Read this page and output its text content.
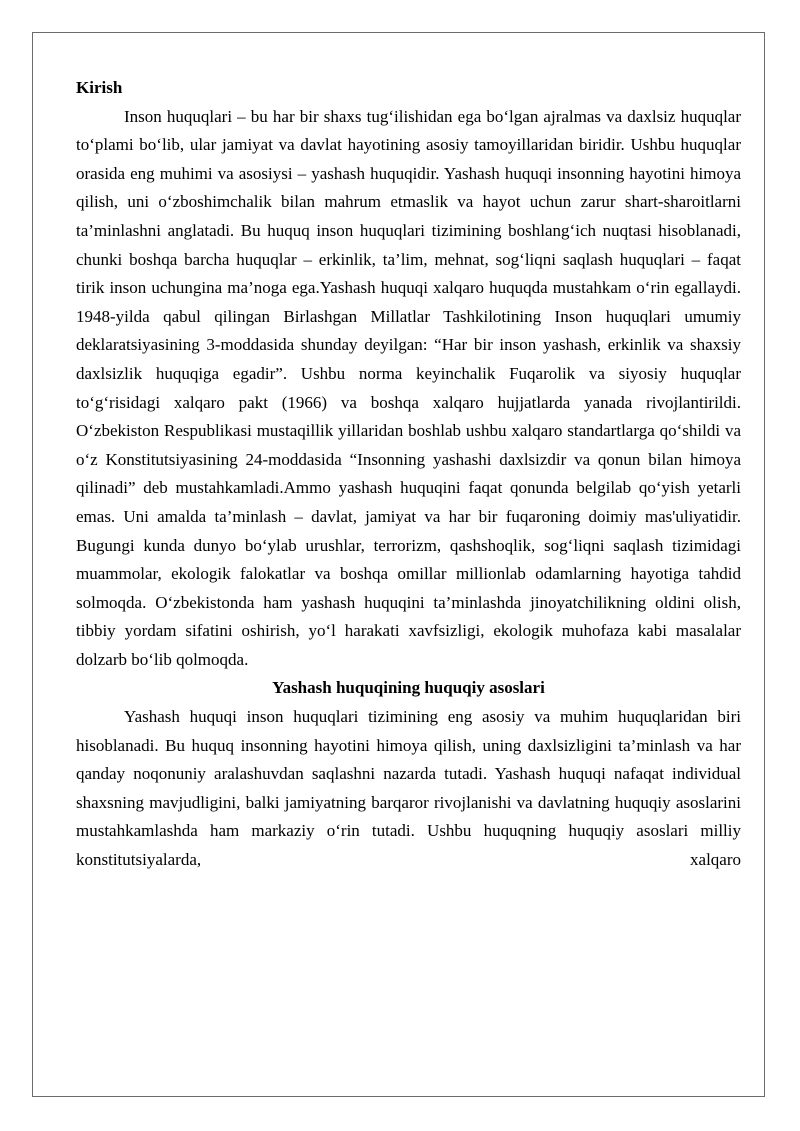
Kirish

Inson huquqlari – bu har bir shaxs tug‘ilishidan ega bo‘lgan ajralmas va daxlsiz huquqlar to‘plami bo‘lib, ular jamiyat va davlat hayotining asosiy tamoyillaridan biridir. Ushbu huquqlar orasida eng muhimi va asosiysi – yashash huquqidir. Yashash huquqi insonning hayotini himoya qilish, uni o‘zboshimchalik bilan mahrum etmaslik va hayot uchun zarur shart-sharoitlarni ta’minlashni anglatadi. Bu huquq inson huquqlari tizimining boshlang‘ich nuqtasi hisoblanadi, chunki boshqa barcha huquqlar – erkinlik, ta’lim, mehnat, sog‘liqni saqlash huquqlari – faqat tirik inson uchungina ma’noga ega.Yashash huquqi xalqaro huquqda mustahkam o‘rin egallaydi. 1948-yilda qabul qilingan Birlashgan Millatlar Tashkilotining Inson huquqlari umumiy deklaratsiyasining 3-moddasida shunday deyilgan: “Har bir inson yashash, erkinlik va shaxsiy daxlsizlik huquqiga egadir”. Ushbu norma keyinchalik Fuqarolik va siyosiy huquqlar to‘g‘risidagi xalqaro pakt (1966) va boshqa xalqaro hujjatlarda yanada rivojlantirildi. O‘zbekiston Respublikasi mustaqillik yillaridan boshlab ushbu xalqaro standartlarga qo‘shildi va o‘z Konstitutsiyasining 24-moddasida “Insonning yashashi daxlsizdir va qonun bilan himoya qilinadi” deb mustahkamladi.Ammo yashash huquqini faqat qonunda belgilab qo‘yish yetarli emas. Uni amalda ta’minlash – davlat, jamiyat va har bir fuqaroning doimiy mas'uliyatidir. Bugungi kunda dunyo bo‘ylab urushlar, terrorizm, qashshoqlik, sog‘liqni saqlash tizimidagi muammolar, ekologik falokatlar va boshqa omillar millionlab odamlarning hayotiga tahdid solmoqda. O‘zbekistonda ham yashash huquqini ta’minlashda jinoyatchilikning oldini olish, tibbiy yordam sifatini oshirish, yo‘l harakati xavfsizligi, ekologik muhofaza kabi masalalar dolzarb bo‘lib qolmoqda.

Yashash huquqining huquqiy asoslari

Yashash huquqi inson huquqlari tizimining eng asosiy va muhim huquqlaridan biri hisoblanadi. Bu huquq insonning hayotini himoya qilish, uning daxlsizligini ta’minlash va har qanday noqonuniy aralashuvdan saqlashni nazarda tutadi. Yashash huquqi nafaqat individual shaxsning mavjudligini, balki jamiyatning barqaror rivojlanishi va davlatning huquqiy asoslarini mustahkamlashda ham markaziy o‘rin tutadi. Ushbu huquqning huquqiy asoslari milliy konstitutsiyalarda, xalqaro
